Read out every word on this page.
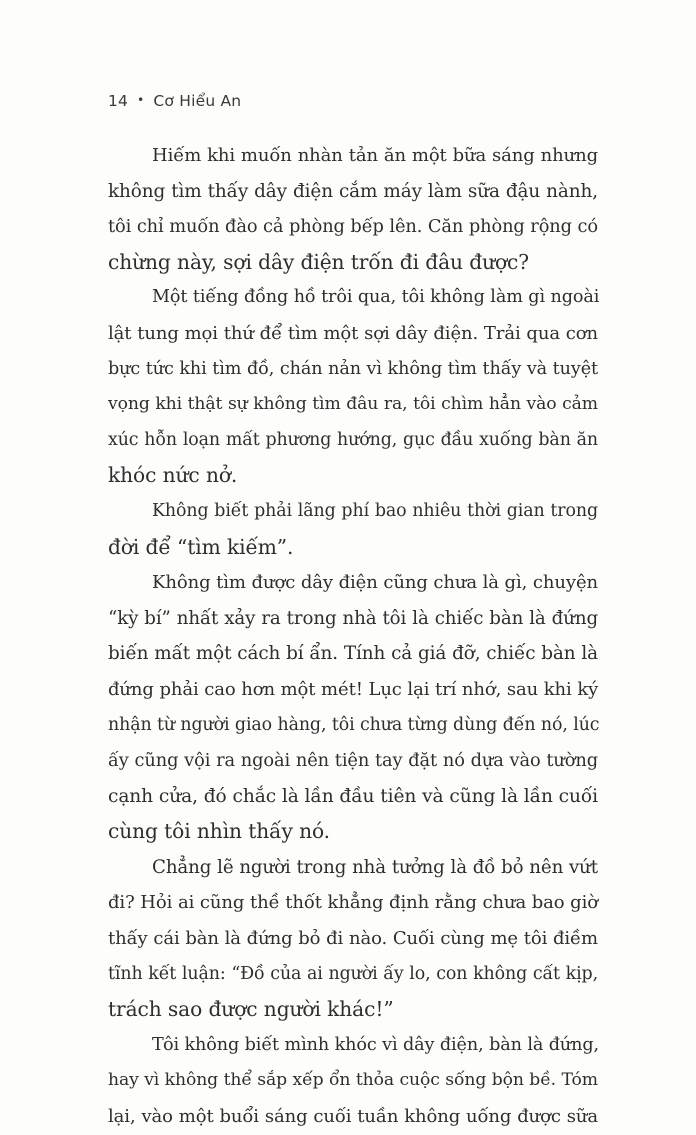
14 • Cơ Hiểu An
Hiếm khi muốn nhàn tản ăn một bữa sáng nhưng
không tìm thấy dây điện cắm máy làm sữa đậu nành,
tôi chỉ muốn đào cả phòng bếp lên. Căn phòng rộng có
chừng này, sợi dây điện trốn đi đâu được?
Một tiếng đồng hồ trôi qua, tôi không làm gì ngoài
lật tung mọi thứ để tìm một sợi dây điện. Trải qua cơn
bực tức khi tìm đồ, chán nản vì không tìm thấy và tuyệt
vọng khi thật sự không tìm đâu ra, tôi chìm hẳn vào cảm
xúc hỗn loạn mất phương hướng, gục đầu xuống bàn ăn
khóc nức nở.
Không biết phải lãng phí bao nhiêu thời gian trong
đời để “tìm kiếm”.
Không tìm được dây điện cũng chưa là gì, chuyện
“kỳ bí” nhất xảy ra trong nhà tôi là chiếc bàn là đứng
biến mất một cách bí ẩn. Tính cả giá đỡ, chiếc bàn là
đứng phải cao hơn một mét! Lục lại trí nhớ, sau khi ký
nhận từ người giao hàng, tôi chưa từng dùng đến nó, lúc
ấy cũng vội ra ngoài nên tiện tay đặt nó dựa vào tường
cạnh cửa, đó chắc là lần đầu tiên và cũng là lần cuối
cùng tôi nhìn thấy nó.
Chẳng lẽ người trong nhà tưởng là đồ bỏ nên vứt
đi? Hỏi ai cũng thề thốt khẳng định rằng chưa bao giờ
thấy cái bàn là đứng bỏ đi nào. Cuối cùng mẹ tôi điềm
tĩnh kết luận: “Đồ của ai người ấy lo, con không cất kịp,
trách sao được người khác!”
Tôi không biết mình khóc vì dây điện, bàn là đứng,
hay vì không thể sắp xếp ổn thỏa cuộc sống bộn bề. Tóm
lại, vào một buổi sáng cuối tuần không uống được sữa
